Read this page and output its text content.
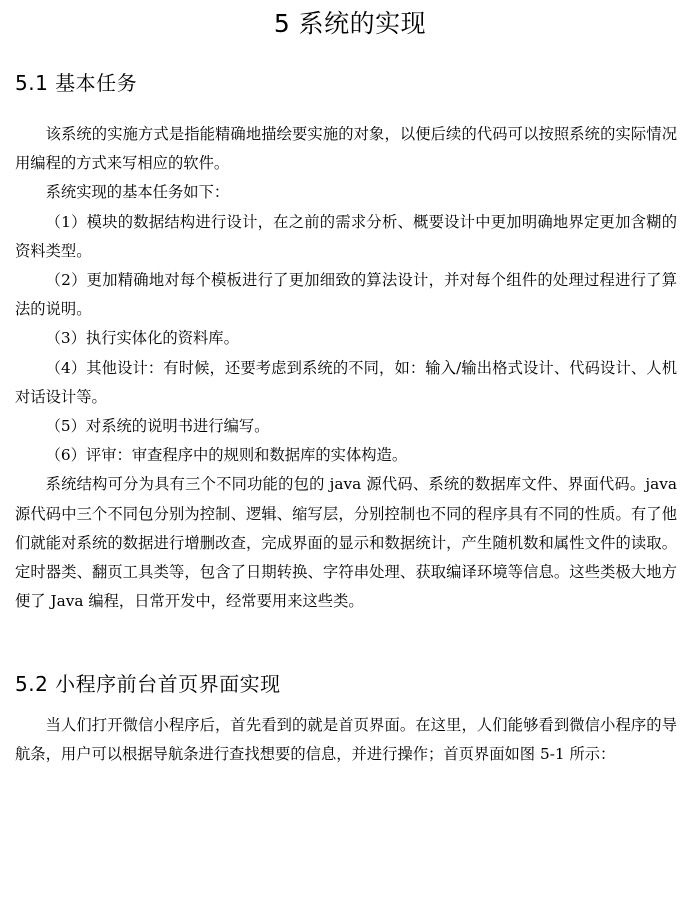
5 系统的实现
5.1 基本任务

该系统的实施方式是指能精确地描绘要实施的对象，以便后续的代码可以按照系统的实际情况用编程的方式来写相应的软件。

系统实现的基本任务如下：

（1）模块的数据结构进行设计，在之前的需求分析、概要设计中更加明确地界定更加含糊的资料类型。

（2）更加精确地对每个模板进行了更加细致的算法设计，并对每个组件的处理过程进行了算法的说明。

（3）执行实体化的资料库。

（4）其他设计：有时候，还要考虑到系统的不同，如：输入/输出格式设计、代码设计、人机对话设计等。

（5）对系统的说明书进行编写。

（6）评审：审查程序中的规则和数据库的实体构造。

系统结构可分为具有三个不同功能的包的 java 源代码、系统的数据库文件、界面代码。java 源代码中三个不同包分别为控制、逻辑、缩写层，分别控制也不同的程序具有不同的性质。有了他们就能对系统的数据进行增删改查，完成界面的显示和数据统计，产生随机数和属性文件的读取。定时器类、翻页工具类等，包含了日期转换、字符串处理、获取编译环境等信息。这些类极大地方便了 Java 编程，日常开发中，经常要用来这些类。

5.2 小程序前台首页界面实现

当人们打开微信小程序后，首先看到的就是首页界面。在这里，人们能够看到微信小程序的导航条，用户可以根据导航条进行查找想要的信息，并进行操作；首页界面如图 5-1 所示：
